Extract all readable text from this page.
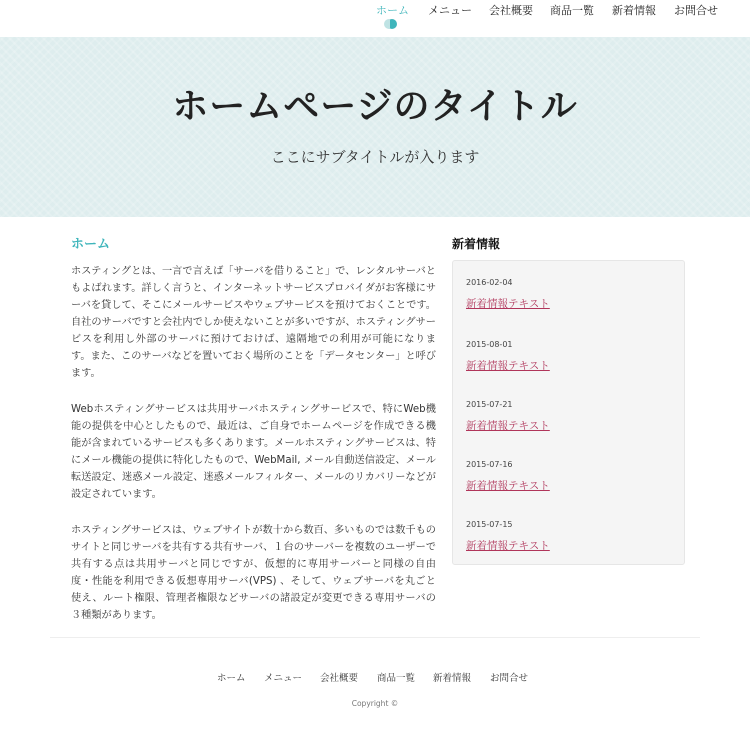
ホーム メニュー 会社概要 商品一覧 新着情報 お問合せ
ホームページのタイトル

ここにサブタイトルが入ります

ホーム

ホスティングとは、一言で言えば「サーバを借りること」で、レンタルサーバともよばれます。詳しく言うと、インターネットサービスプロバイダがお客様にサーバを貸して、そこにメールサービスやウェブサービスを預けておくことです。自社のサーバですと会社内でしか使えないことが多いですが、ホスティングサービスを利用し外部のサーバに預けておけば、遠隔地での利用が可能になります。また、このサーバなどを置いておく場所のことを「データセンター」と呼びます。

Webホスティングサービスは共用サーバホスティングサービスで、特にWeb機能の提供を中心としたもので、最近は、ご自身でホームページを作成できる機能が含まれているサービスも多くあります。メールホスティングサービスは、特にメール機能の提供に特化したもので、WebMail, メール自動送信設定、メール転送設定、迷惑メール設定、迷惑メールフィルター、メールのリカバリーなどが設定されています。

ホスティングサービスは、ウェブサイトが数十から数百、多いものでは数千ものサイトと同じサーバを共有する共有サーバ、１台のサーバーを複数のユーザーで共有する点は共用サーバと同じですが、仮想的に専用サーバーと同様の自由度・性能を利用できる仮想専用サーバ(VPS) 、そして、ウェブサーバを丸ごと使え、ルート権限、管理者権限などサーバの諸設定が変更できる専用サーバの３種類があります。

新着情報
2016-02-04
新着情報テキスト
2015-08-01
新着情報テキスト
2015-07-21
新着情報テキスト
2015-07-16
新着情報テキスト
2015-07-15
新着情報テキスト
ホーム メニュー 会社概要 商品一覧 新着情報 お問合せ
Copyright ©
